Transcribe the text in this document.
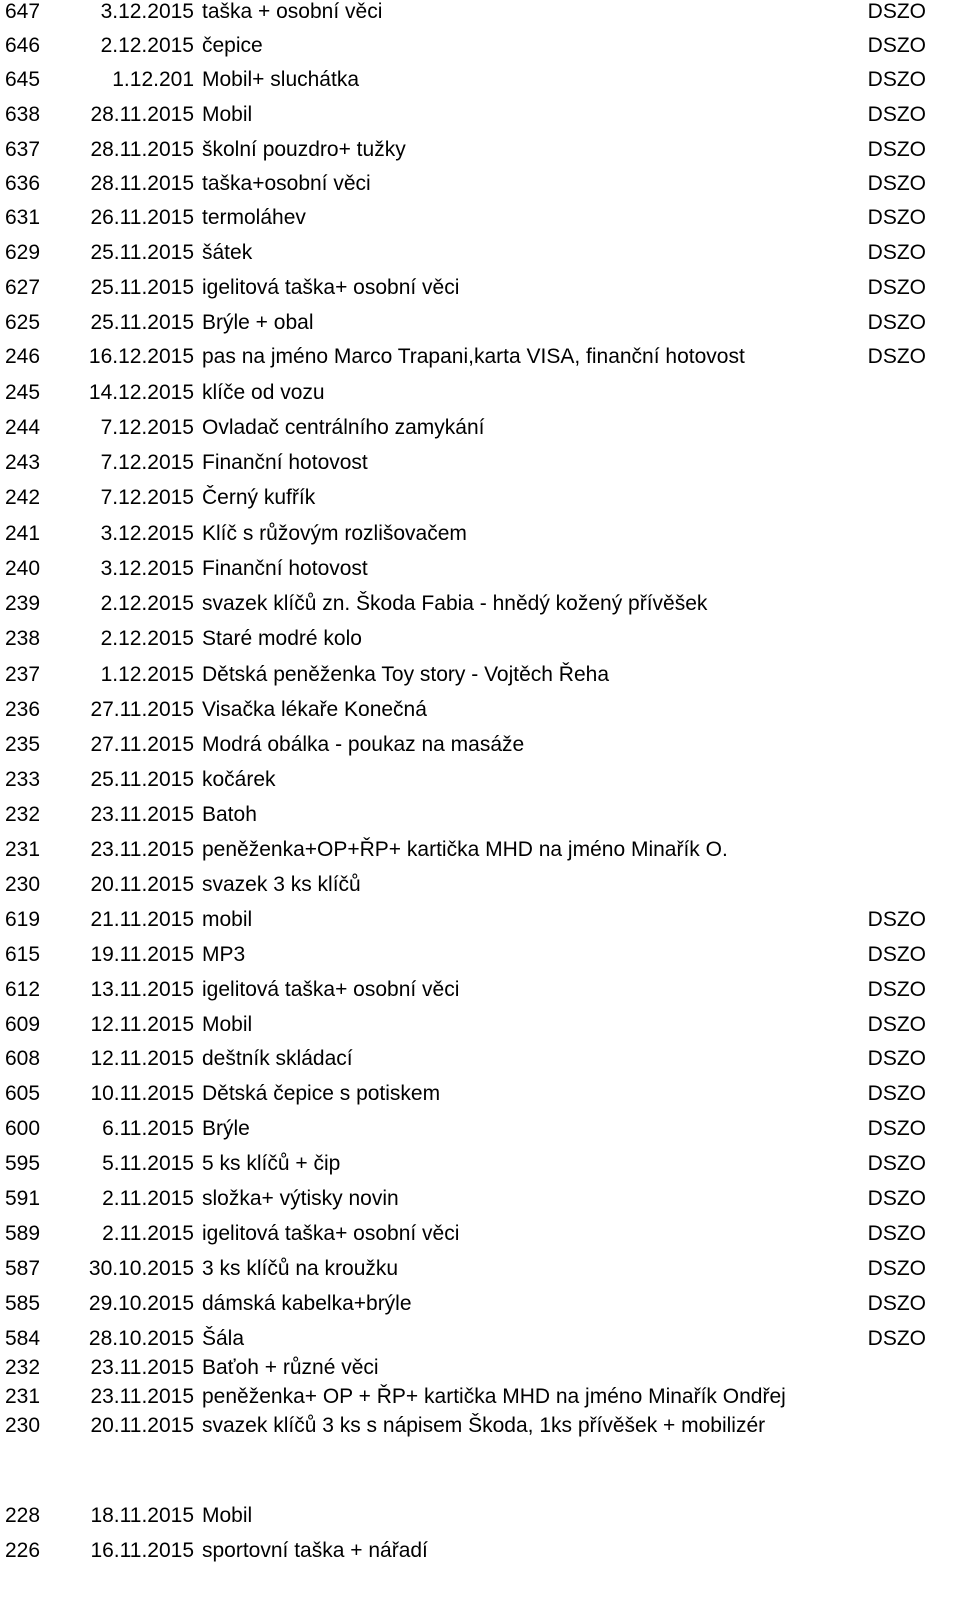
647	3.12.2015 taška + osobní věci	DSZO
646	2.12.2015 čepice	DSZO
645	1.12.201 Mobil+ sluchátka	DSZO
638	28.11.2015 Mobil	DSZO
637	28.11.2015 školní pouzdro+ tužky	DSZO
636	28.11.2015 taška+osobní věci	DSZO
631	26.11.2015 termoláhev	DSZO
629	25.11.2015 šátek	DSZO
627	25.11.2015 igelitová taška+ osobní věci	DSZO
625	25.11.2015 Brýle + obal	DSZO
246	16.12.2015 pas na jméno Marco Trapani,karta VISA, finanční hotovost	DSZO
245	14.12.2015 klíče od vozu
244	7.12.2015 Ovladač centrálního zamykání
243	7.12.2015 Finanční hotovost
242	7.12.2015 Černý kufřík
241	3.12.2015 Klíč s růžovým rozlišovačem
240	3.12.2015 Finanční hotovost
239	2.12.2015 svazek klíčů zn. Škoda Fabia - hnědý kožený přívěšek
238	2.12.2015 Staré modré kolo
237	1.12.2015 Dětská peněženka Toy story - Vojtěch Řeha
236	27.11.2015 Visačka lékaře Konečná
235	27.11.2015 Modrá obálka - poukaz na masáže
233	25.11.2015 kočárek
232	23.11.2015 Batoh
231	23.11.2015 peněženka+OP+ŘP+ kartička MHD na jméno Minařík O.
230	20.11.2015 svazek 3 ks klíčů
619	21.11.2015 mobil	DSZO
615	19.11.2015 MP3	DSZO
612	13.11.2015 igelitová taška+ osobní věci	DSZO
609	12.11.2015 Mobil	DSZO
608	12.11.2015 deštník skládací	DSZO
605	10.11.2015 Dětská čepice s potiskem	DSZO
600	6.11.2015 Brýle	DSZO
595	5.11.2015 5 ks klíčů + čip	DSZO
591	2.11.2015 složka+ výtisky novin	DSZO
589	2.11.2015 igelitová taška+ osobní věci	DSZO
587	30.10.2015 3 ks klíčů na kroužku	DSZO
585	29.10.2015 dámská kabelka+brýle	DSZO
584	28.10.2015 Šála	DSZO
232	23.11.2015 Baťoh + různé věci
231	23.11.2015 peněženka+ OP + ŘP+ kartička MHD na jméno Minařík Ondřej
230	20.11.2015 svazek klíčů 3 ks s nápisem Škoda, 1ks přívěšek + mobilizér
228	18.11.2015 Mobil
226	16.11.2015 sportovní taška + nářadí
